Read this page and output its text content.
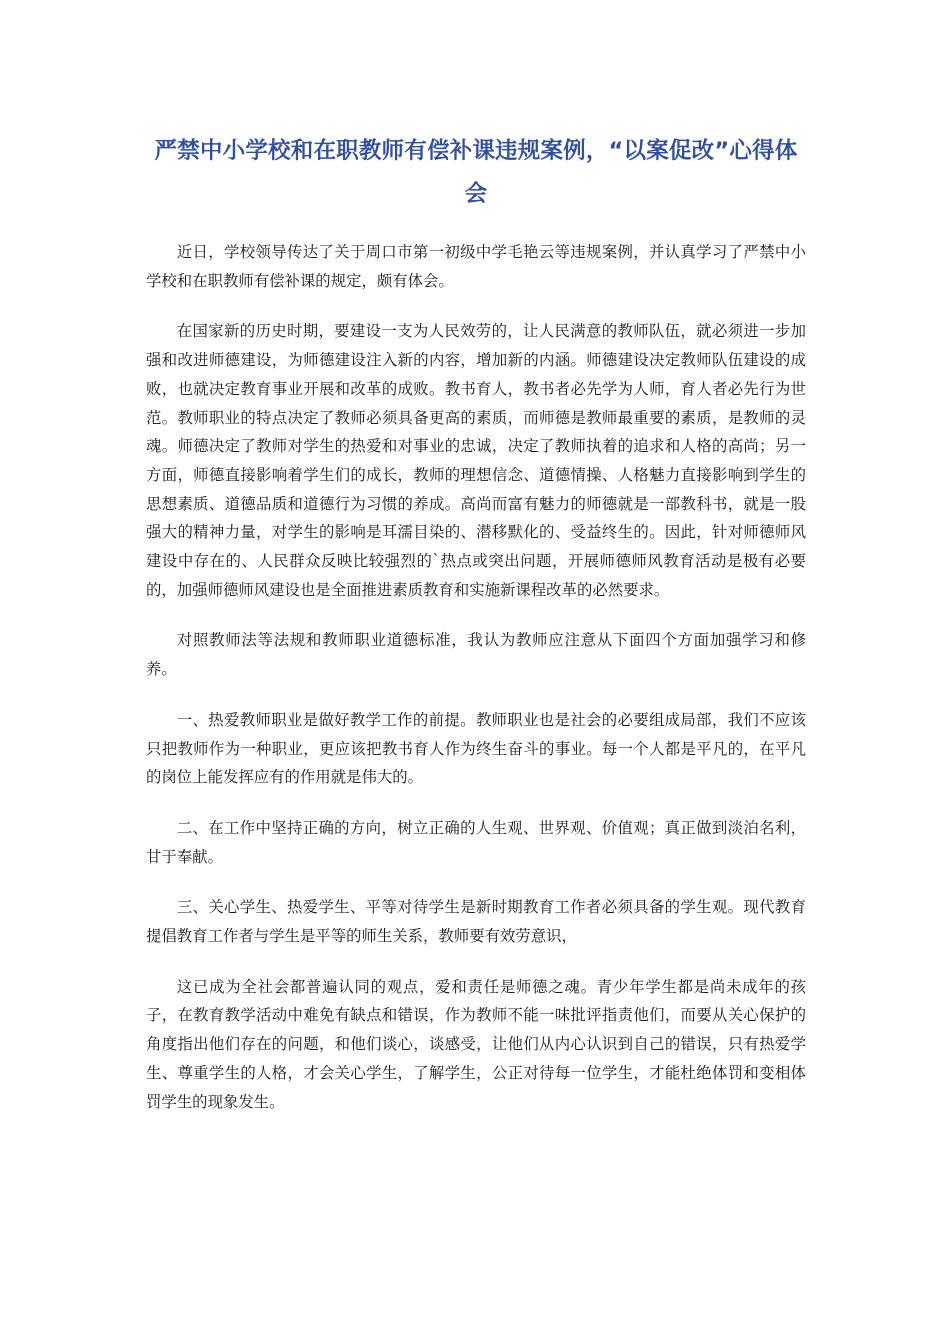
严禁中小学校和在职教师有偿补课违规案例，“以案促改”心得体会

近日，学校领导传达了关于周口市第一初级中学毛艳云等违规案例，并认真学习了严禁中小学校和在职教师有偿补课的规定，颇有体会。

在国家新的历史时期，要建设一支为人民效劳的，让人民满意的教师队伍，就必须进一步加强和改进师德建设，为师德建设注入新的内容，增加新的内涵。师德建设决定教师队伍建设的成败，也就决定教育事业开展和改革的成败。教书育人，教书者必先学为人师，育人者必先行为世范。教师职业的特点决定了教师必须具备更高的素质，而师德是教师最重要的素质，是教师的灵魂。师德决定了教师对学生的热爱和对事业的忠诚，决定了教师执着的追求和人格的高尚；另一方面，师德直接影响着学生们的成长，教师的理想信念、道德情操、人格魅力直接影响到学生的思想素质、道德品质和道德行为习惯的养成。高尚而富有魅力的师德就是一部教科书，就是一股强大的精神力量，对学生的影响是耳濡目染的、潜移默化的、受益终生的。因此，针对师德师风建设中存在的、人民群众反映比较强烈的`热点或突出问题，开展师德师风教育活动是极有必要的，加强师德师风建设也是全面推进素质教育和实施新课程改革的必然要求。

对照教师法等法规和教师职业道德标准，我认为教师应注意从下面四个方面加强学习和修养。

一、热爱教师职业是做好教学工作的前提。教师职业也是社会的必要组成局部，我们不应该只把教师作为一种职业，更应该把教书育人作为终生奋斗的事业。每一个人都是平凡的，在平凡的岗位上能发挥应有的作用就是伟大的。

二、在工作中坚持正确的方向，树立正确的人生观、世界观、价值观；真正做到淡泊名利，甘于奉献。

三、关心学生、热爱学生、平等对待学生是新时期教育工作者必须具备的学生观。现代教育提倡教育工作者与学生是平等的师生关系，教师要有效劳意识，

这已成为全社会都普遍认同的观点，爱和责任是师德之魂。青少年学生都是尚未成年的孩子，在教育教学活动中难免有缺点和错误，作为教师不能一味批评指责他们，而要从关心保护的角度指出他们存在的问题，和他们谈心，谈感受，让他们从内心认识到自己的错误，只有热爱学生、尊重学生的人格，才会关心学生，了解学生，公正对待每一位学生，才能杜绝体罚和变相体罚学生的现象发生。
